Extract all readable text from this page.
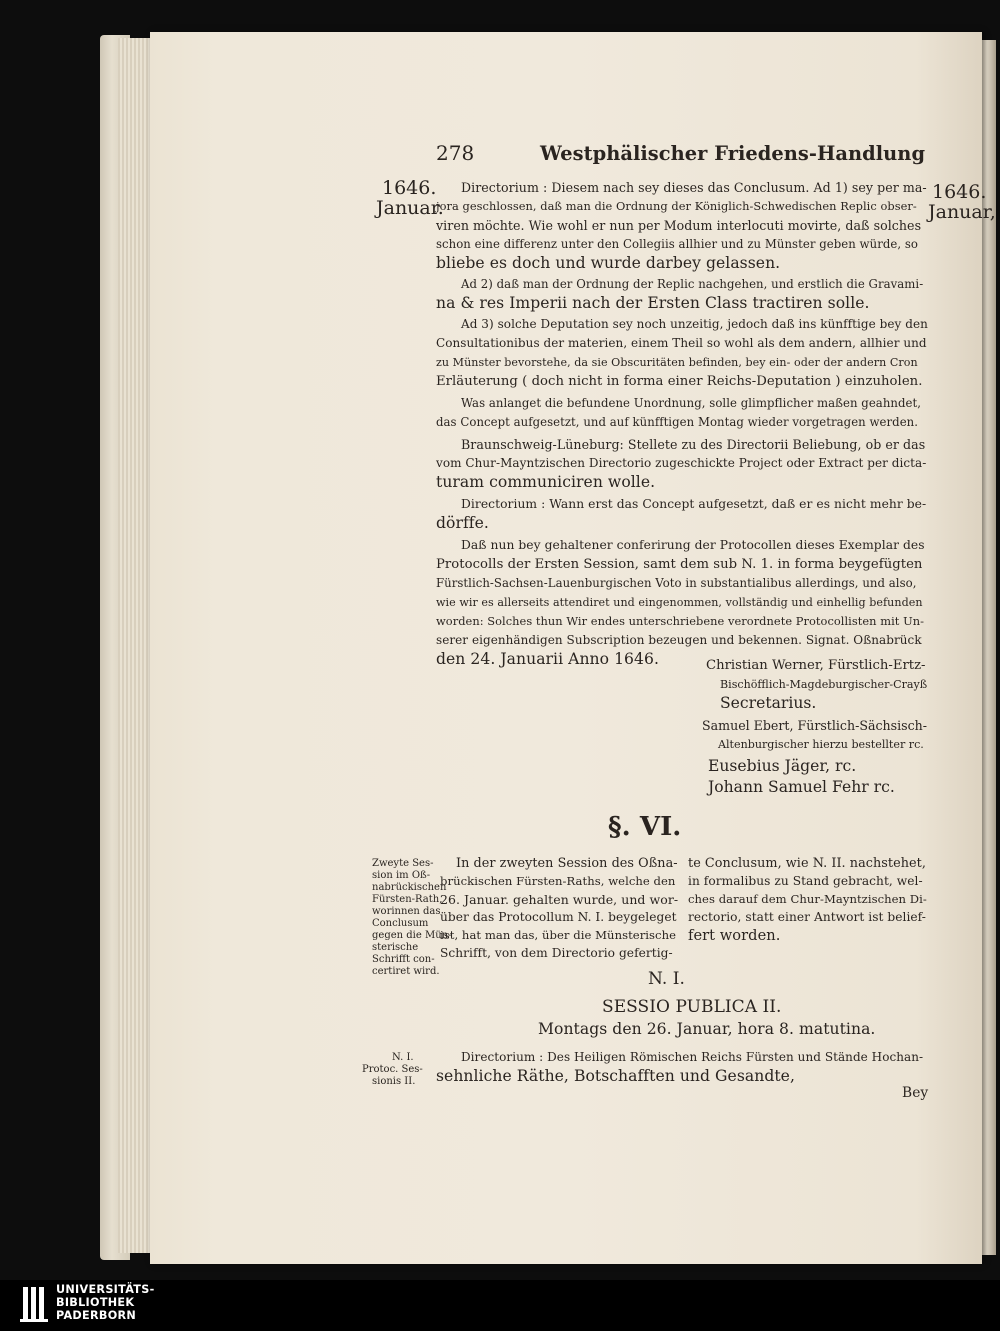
278	Westphälischer Friedens-Handlung
1646.
Januar.
1646.
Januar,
Directorium : Diesem nach sey dieses das Conclusum. Ad 1) sey per ma-
jora geschlossen, daß man die Ordnung der Königlich-Schwedischen Replic obser-
viren möchte. Wie wohl er nun per Modum interlocuti movirte, daß solches
schon eine differenz unter den Collegiis allhier und zu Münster geben würde, so
bliebe es doch und wurde darbey gelassen.
Ad 2) daß man der Ordnung der Replic nachgehen, und erstlich die Gravami-
na & res Imperii nach der Ersten Class tractiren solle.
Ad 3) solche Deputation sey noch unzeitig, jedoch daß ins künfftige bey den
Consultationibus der materien, einem Theil so wohl als dem andern, allhier und
zu Münster bevorstehe, da sie Obscuritäten befinden, bey ein- oder der andern Cron
Erläuterung ( doch nicht in forma einer Reichs-Deputation ) einzuholen.
Was anlanget die befundene Unordnung, solle glimpflicher maßen geahndet,
das Concept aufgesetzt, und auf künfftigen Montag wieder vorgetragen werden.
Braunschweig-Lüneburg: Stellete zu des Directorii Beliebung, ob er das
vom Chur-Mayntzischen Directorio zugeschickte Project oder Extract per dicta-
turam communiciren wolle.
Directorium : Wann erst das Concept aufgesetzt, daß er es nicht mehr be-
dörffe.
Daß nun bey gehaltener conferirung der Protocollen dieses Exemplar des
Protocolls der Ersten Session, samt dem sub N. 1. in forma beygefügten
Fürstlich-Sachsen-Lauenburgischen Voto in substantialibus allerdings, und also,
wie wir es allerseits attendiret und eingenommen, vollständig und einhellig befunden
worden: Solches thun Wir endes unterschriebene verordnete Protocollisten mit Un-
serer eigenhändigen Subscription bezeugen und bekennen. Signat. Oßnabrück
den 24. Januarii Anno 1646.	Christian Werner, Fürstlich-Ertz-
Bischöfflich-Magdeburgischer-Crayß
Secretarius.
Samuel Ebert, Fürstlich-Sächsisch-
Altenburgischer hierzu bestellter rc.
Eusebius Jäger, rc.
Johann Samuel Fehr rc.
§. VI.
Zweyte Ses-
sion im Oß-
nabrückischen
Fürsten-Rath,
worinnen das
Conclusum
gegen die Mün-
sterische
Schrifft con-
certiret wird.
In der zweyten Session des Oßna-
brückischen Fürsten-Raths, welche den
26. Januar. gehalten wurde, und wor-
über das Protocollum N. I. beygeleget
ist, hat man das, über die Münsterische
Schrifft, von dem Directorio gefertig-
te Conclusum, wie N. II. nachstehet,
in formalibus zu Stand gebracht, wel-
ches darauf dem Chur-Mayntzischen Di-
rectorio, statt einer Antwort ist belief-
fert worden.
N. I.
SESSIO PUBLICA II.
Montags den 26. Januar, hora 8. matutina.
N. I.
Protoc. Ses-
sionis II.
Directorium : Des Heiligen Römischen Reichs Fürsten und Stände Hochan-
sehnliche Räthe, Botschafften und Gesandte,
Bey
UNIVERSITÄTS-
BIBLIOTHEK
PADERBORN
